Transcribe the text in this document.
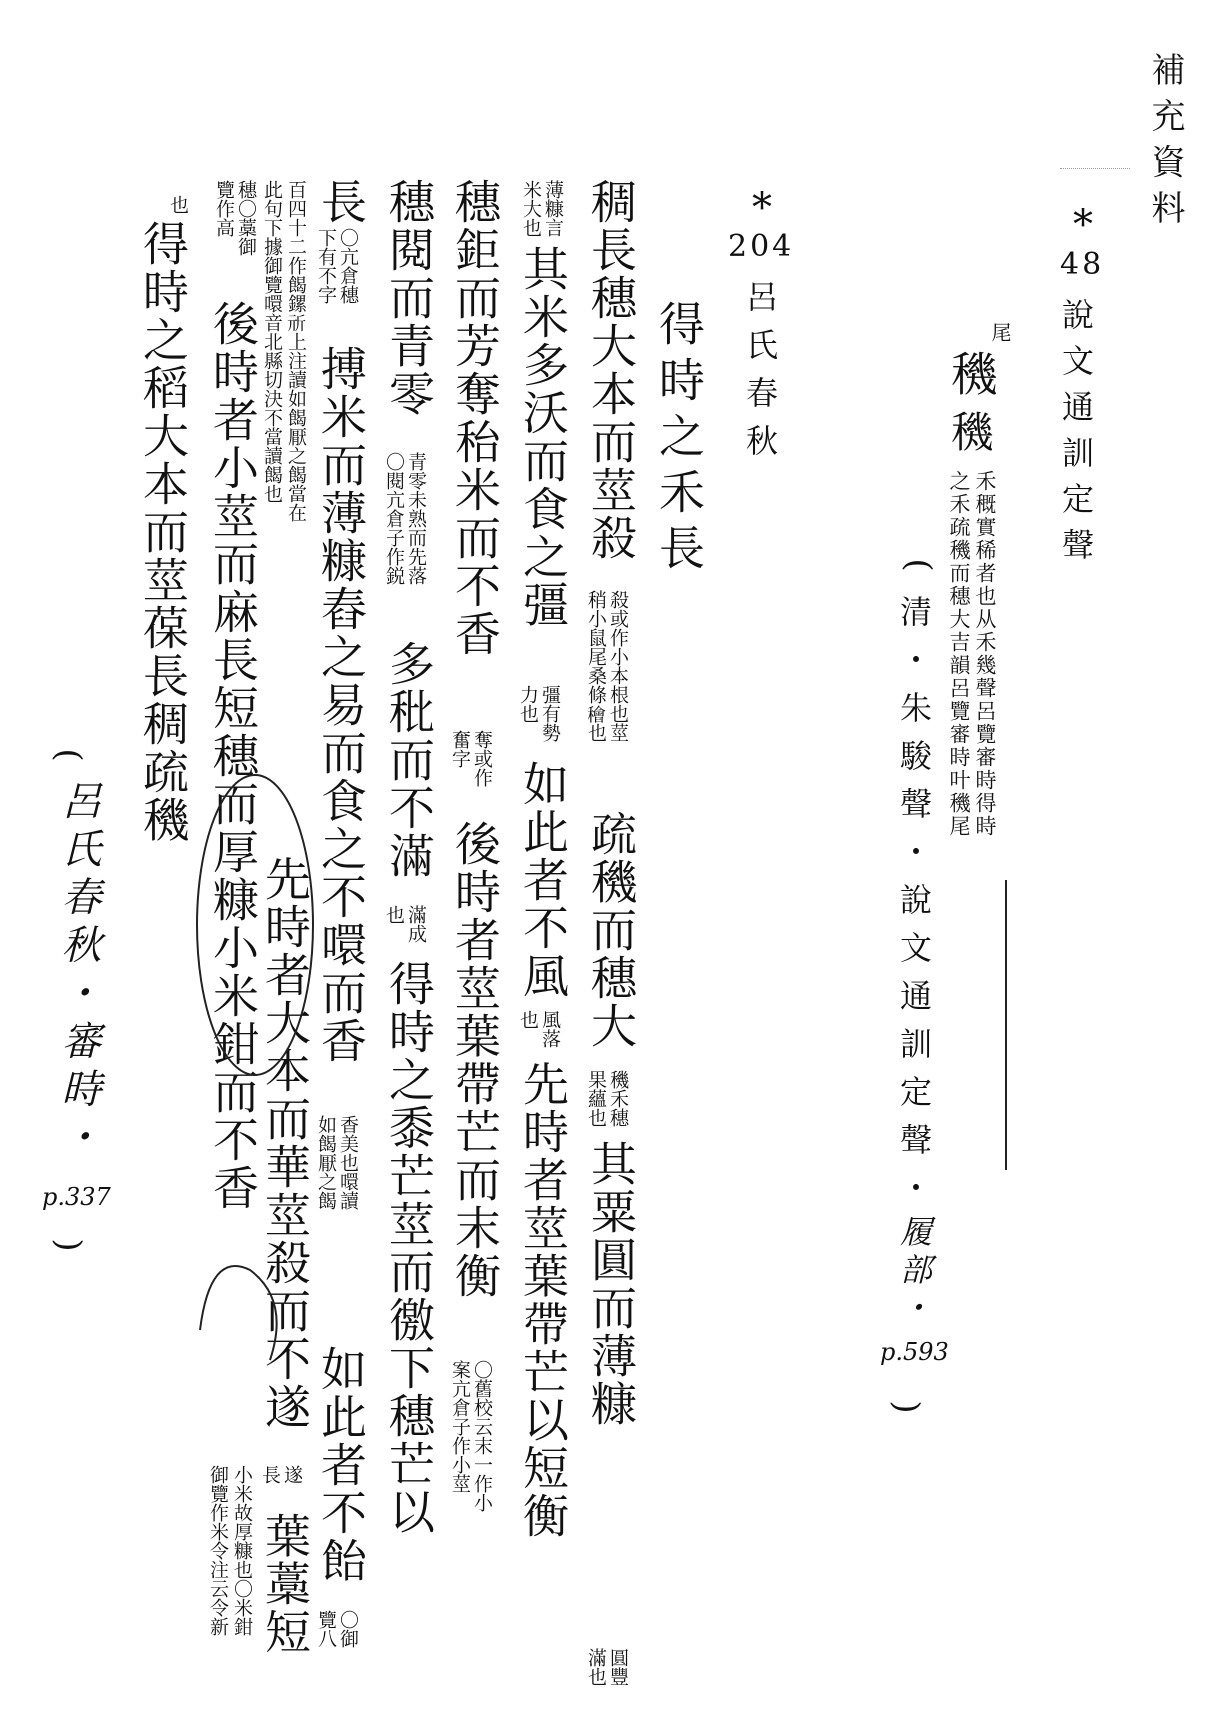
補充資料
*
48
說文通訓定聲
尾
穖
穖
禾穊實稀者也从禾幾聲呂覽審時得時
之禾疏穖而穗大吉韻呂覽審時叶穖尾
(
清・朱駿聲・說文通訓定聲・
履部・
p.593
)
*
204
呂氏春秋
得時之禾長
稠長穗大本而莖殺
殺或作小本根也莖
稍小鼠尾桑條𥢶也
疏穖而穗大
穖禾穗
果蘊也
其粟圓而薄糠
圓豐
滿也
薄糠言
米大也
其米多沃而食之彊
彊有勢
力也
如此者不風
風落
也
先時者莖葉帶芒以短衡
穗鉅而芳奪秮米而不香
奪或作
奮字
後時者莖葉帶芒而末衡
〇舊校云末一作小
案亢倉子作小莖
穗閱而青零
青零未熟而先落
〇閱亢倉子作鋭
多秕而不滿
滿成
也
得時之黍芒莖而徼下穗芒以
長
〇亢倉穗
下有不字
搏米而薄糠舂之易而食之不噮而香
香美也噮讀
如餲厭之餲
如此者不飴
〇御
覽八
百四十二作餲鏍𣂕上注讀如餲厭之餲當在
此句下據御覽噮音北縣切決不當讀餲也
先時者大本而華莖殺而不遂
遂
長
葉藁短
穗〇藁御
覽作高
後時者小莖而麻長短穗而厚糠小米鉗而不香
小米故厚糠也〇米鉗
御覽作米令注云令新
也
得時之稻大本而莖葆長稠疏穖
(
呂氏春秋・審時・
p.337
)
